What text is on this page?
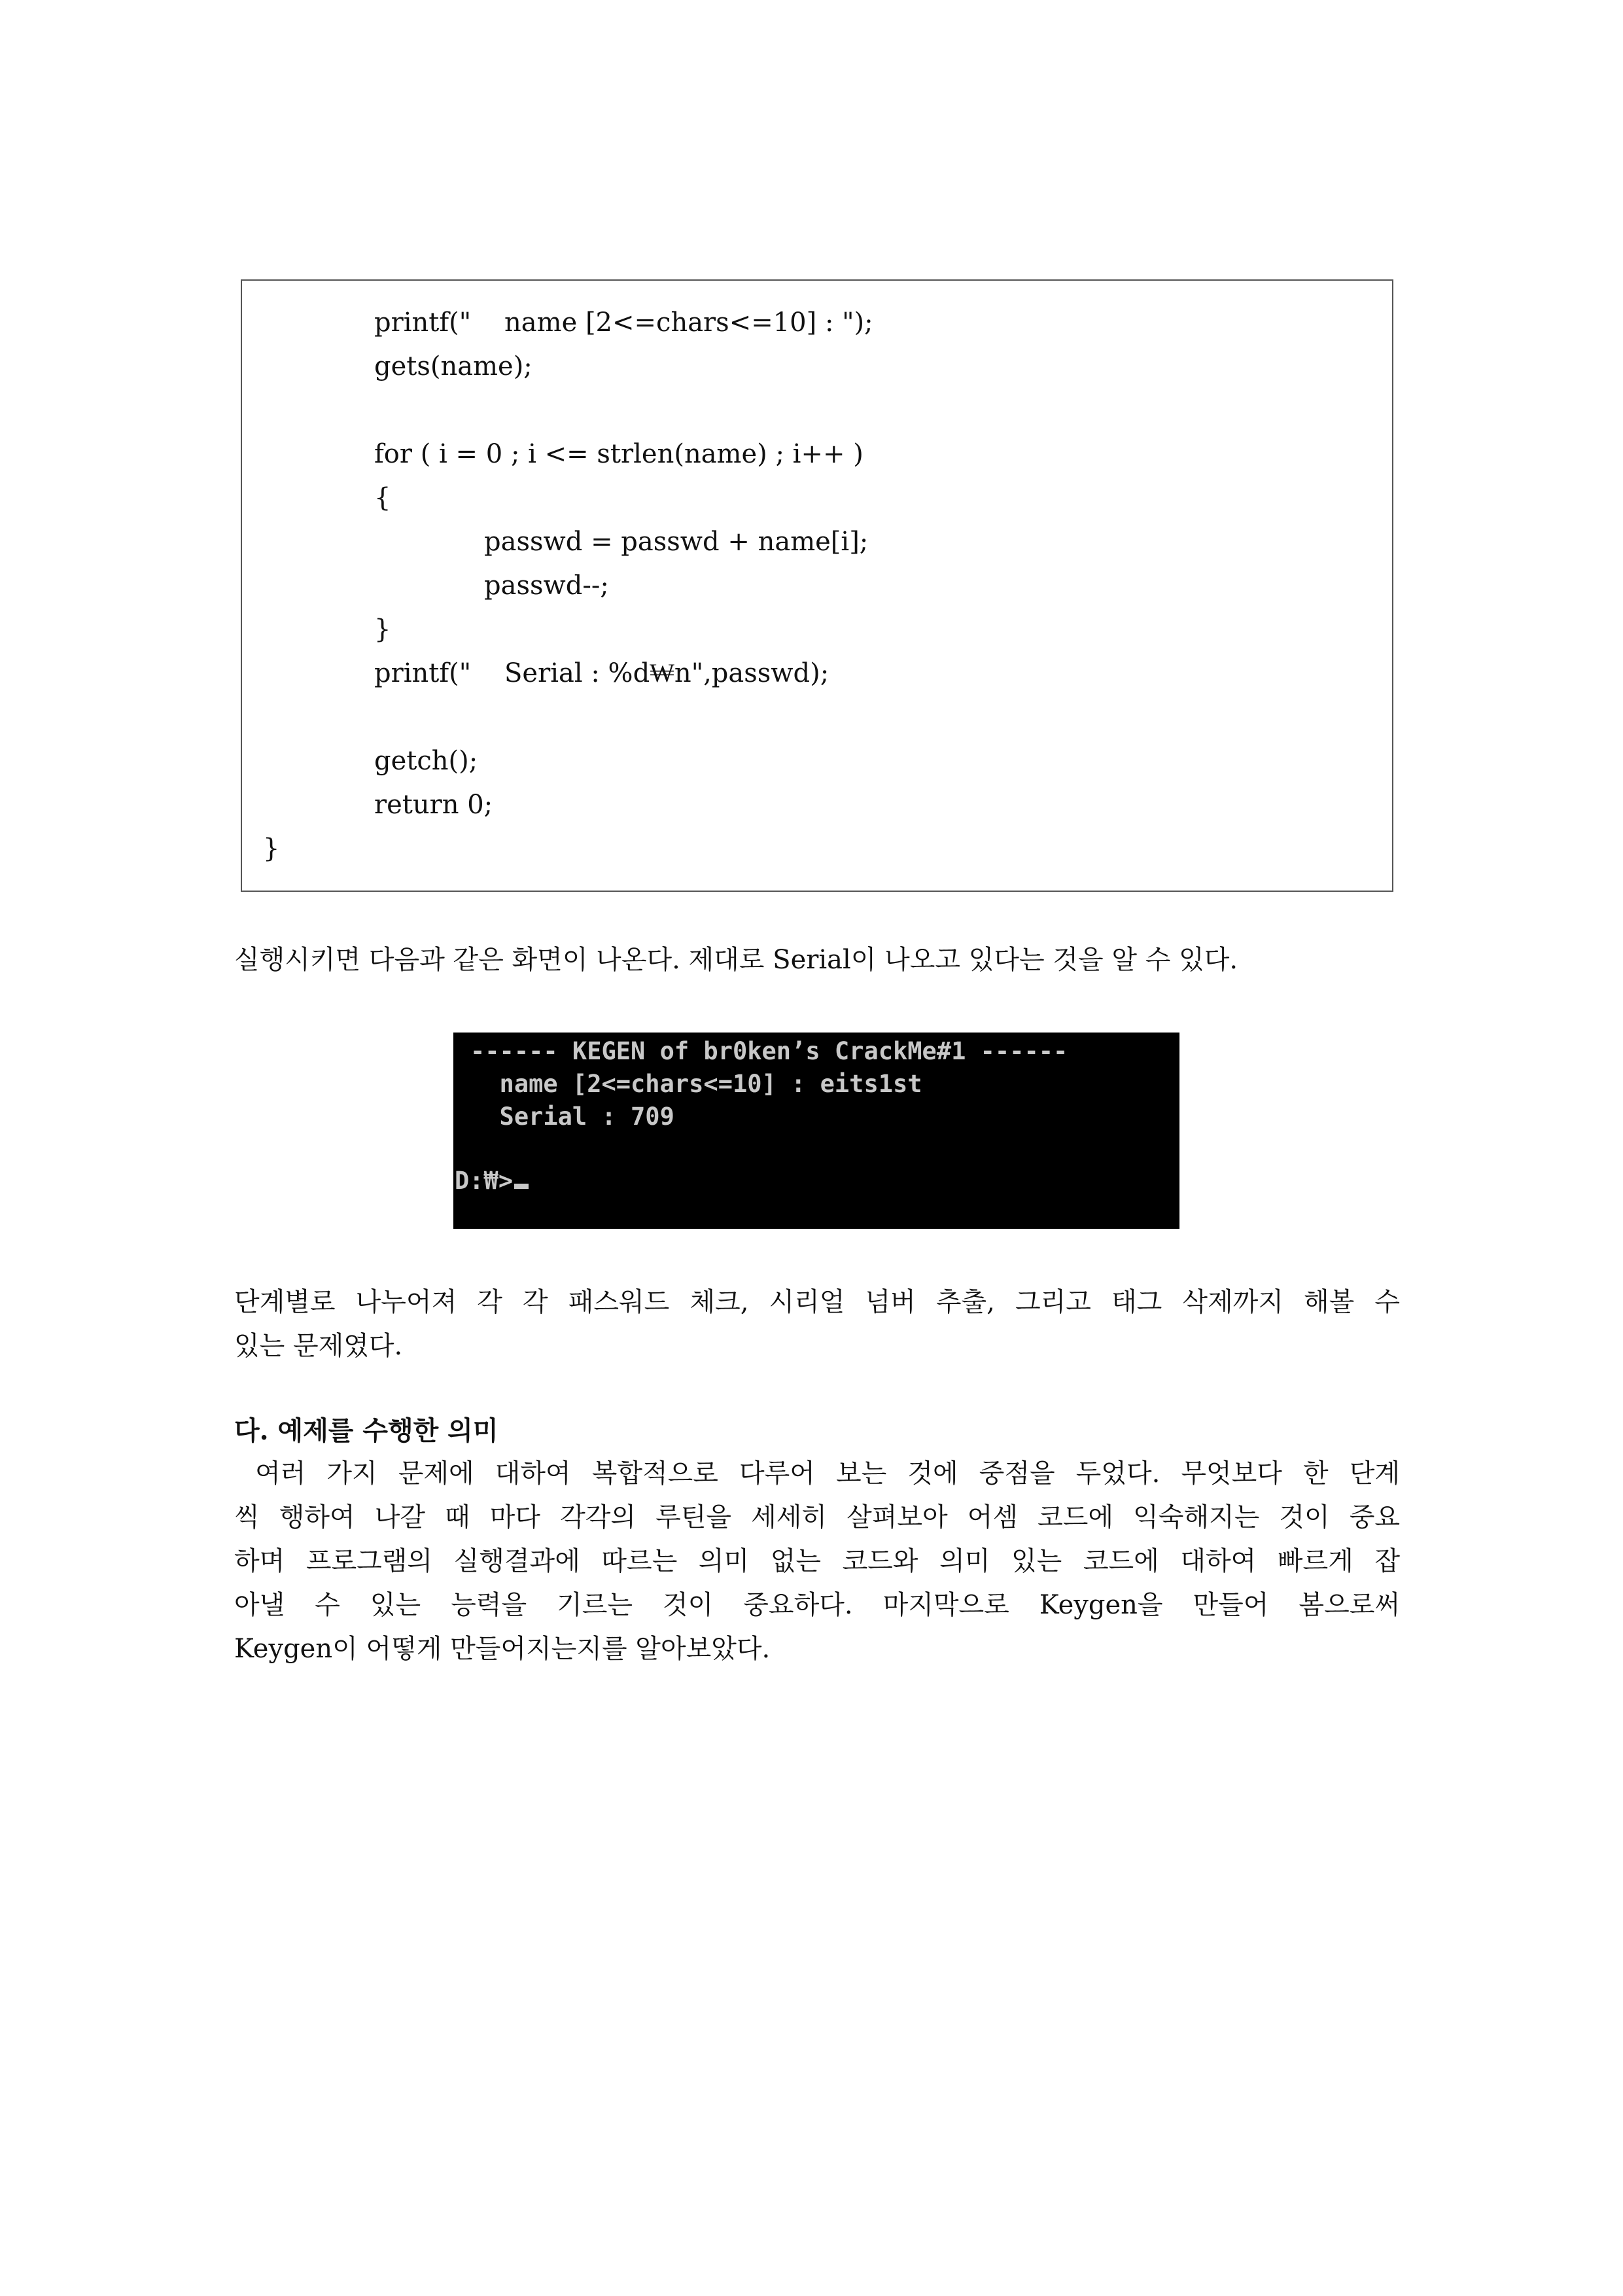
printf("    name [2<=chars<=10] : ");
gets(name);
for ( i = 0 ; i <= strlen(name) ; i++ )
{
passwd = passwd + name[i];
passwd--;
}
printf("    Serial : %d₩n",passwd);
getch();
return 0;
}
실행시키면 다음과 같은 화면이 나온다. 제대로 Serial이 나오고 있다는 것을 알 수 있다.
------ KEGEN of br0ken’s CrackMe#1 ------
name [2<=chars<=10] : eits1st
Serial : 709
D:₩>
단계별로 나누어져 각 각 패스워드 체크, 시리얼 넘버 추출, 그리고 태그 삭제까지 해볼 수
있는 문제였다.
다. 예제를 수행한 의미
여러 가지 문제에 대하여 복합적으로 다루어 보는 것에 중점을 두었다. 무엇보다 한 단계
씩 행하여 나갈 때 마다 각각의 루틴을 세세히 살펴보아 어셈 코드에 익숙해지는 것이 중요
하며 프로그램의 실행결과에 따르는 의미 없는 코드와 의미 있는 코드에 대하여 빠르게 잡
아낼 수 있는 능력을 기르는 것이 중요하다. 마지막으로 Keygen을 만들어 봄으로써
Keygen이 어떻게 만들어지는지를 알아보았다.
